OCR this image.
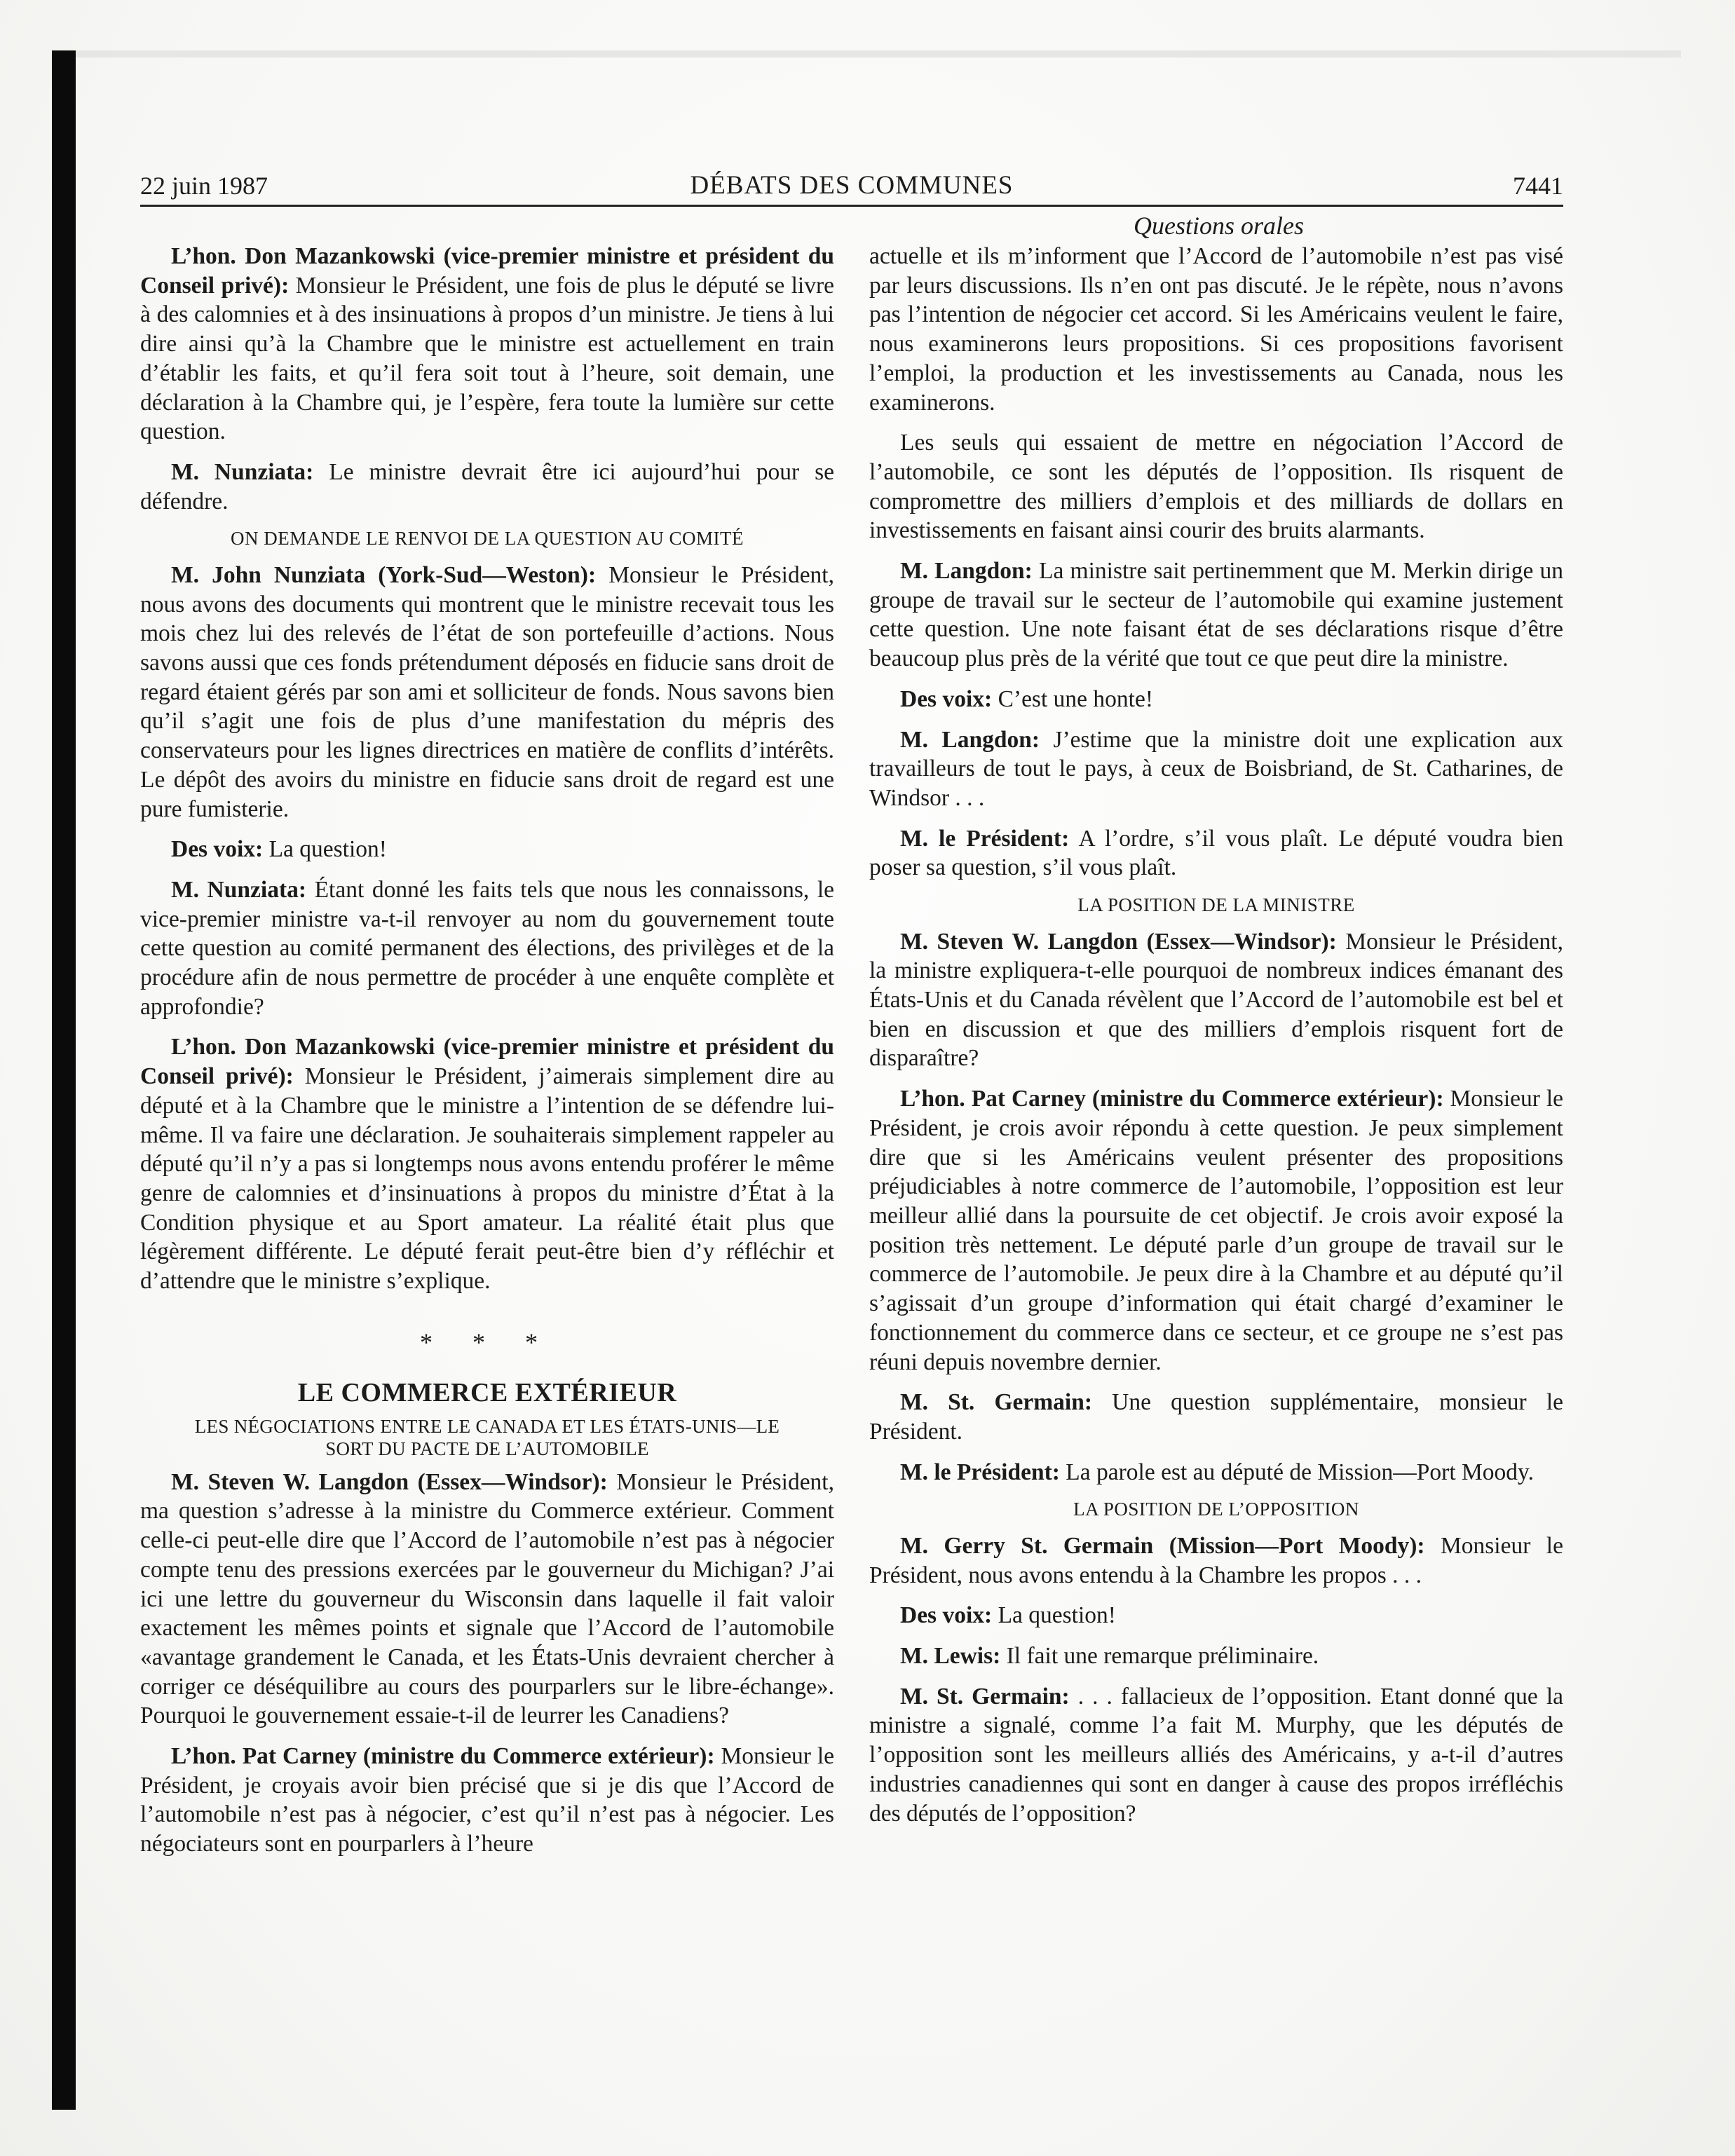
22 juin 1987	DÉBATS DES COMMUNES	7441
Questions orales

L’hon. Don Mazankowski (vice-premier ministre et président du Conseil privé): Monsieur le Président, une fois de plus le député se livre à des calomnies et à des insinuations à propos d’un ministre. Je tiens à lui dire ainsi qu’à la Chambre que le ministre est actuellement en train d’établir les faits, et qu’il fera soit tout à l’heure, soit demain, une déclaration à la Chambre qui, je l’espère, fera toute la lumière sur cette question.

M. Nunziata: Le ministre devrait être ici aujourd’hui pour se défendre.

ON DEMANDE LE RENVOI DE LA QUESTION AU COMITÉ

M. John Nunziata (York-Sud—Weston): Monsieur le Président, nous avons des documents qui montrent que le ministre recevait tous les mois chez lui des relevés de l’état de son portefeuille d’actions. Nous savons aussi que ces fonds prétendument déposés en fiducie sans droit de regard étaient gérés par son ami et solliciteur de fonds. Nous savons bien qu’il s’agit une fois de plus d’une manifestation du mépris des conservateurs pour les lignes directrices en matière de conflits d’intérêts. Le dépôt des avoirs du ministre en fiducie sans droit de regard est une pure fumisterie.

Des voix: La question!

M. Nunziata: Étant donné les faits tels que nous les connaissons, le vice-premier ministre va-t-il renvoyer au nom du gouvernement toute cette question au comité permanent des élections, des privilèges et de la procédure afin de nous permettre de procéder à une enquête complète et approfondie?

L’hon. Don Mazankowski (vice-premier ministre et président du Conseil privé): Monsieur le Président, j’aimerais simplement dire au député et à la Chambre que le ministre a l’intention de se défendre lui-même. Il va faire une déclaration. Je souhaiterais simplement rappeler au député qu’il n’y a pas si longtemps nous avons entendu proférer le même genre de calomnies et d’insinuations à propos du ministre d’État à la Condition physique et au Sport amateur. La réalité était plus que légèrement différente. Le député ferait peut-être bien d’y réfléchir et d’attendre que le ministre s’explique.

* * *
LE COMMERCE EXTÉRIEUR
LES NÉGOCIATIONS ENTRE LE CANADA ET LES ÉTATS-UNIS—LE
SORT DU PACTE DE L’AUTOMOBILE

M. Steven W. Langdon (Essex—Windsor): Monsieur le Président, ma question s’adresse à la ministre du Commerce extérieur. Comment celle-ci peut-elle dire que l’Accord de l’automobile n’est pas à négocier compte tenu des pressions exercées par le gouverneur du Michigan? J’ai ici une lettre du gouverneur du Wisconsin dans laquelle il fait valoir exactement les mêmes points et signale que l’Accord de l’automobile «avantage grandement le Canada, et les États-Unis devraient chercher à corriger ce déséquilibre au cours des pourparlers sur le libre-échange». Pourquoi le gouvernement essaie-t-il de leurrer les Canadiens?

L’hon. Pat Carney (ministre du Commerce extérieur): Monsieur le Président, je croyais avoir bien précisé que si je dis que l’Accord de l’automobile n’est pas à négocier, c’est qu’il n’est pas à négocier. Les négociateurs sont en pourparlers à l’heure

actuelle et ils m’informent que l’Accord de l’automobile n’est pas visé par leurs discussions. Ils n’en ont pas discuté. Je le répète, nous n’avons pas l’intention de négocier cet accord. Si les Américains veulent le faire, nous examinerons leurs propositions. Si ces propositions favorisent l’emploi, la production et les investissements au Canada, nous les examinerons.

Les seuls qui essaient de mettre en négociation l’Accord de l’automobile, ce sont les députés de l’opposition. Ils risquent de compromettre des milliers d’emplois et des milliards de dollars en investissements en faisant ainsi courir des bruits alarmants.

M. Langdon: La ministre sait pertinemment que M. Merkin dirige un groupe de travail sur le secteur de l’automobile qui examine justement cette question. Une note faisant état de ses déclarations risque d’être beaucoup plus près de la vérité que tout ce que peut dire la ministre.

Des voix: C’est une honte!

M. Langdon: J’estime que la ministre doit une explication aux travailleurs de tout le pays, à ceux de Boisbriand, de St. Catharines, de Windsor . . .

M. le Président: A l’ordre, s’il vous plaît. Le député voudra bien poser sa question, s’il vous plaît.

LA POSITION DE LA MINISTRE

M. Steven W. Langdon (Essex—Windsor): Monsieur le Président, la ministre expliquera-t-elle pourquoi de nombreux indices émanant des États-Unis et du Canada révèlent que l’Accord de l’automobile est bel et bien en discussion et que des milliers d’emplois risquent fort de disparaître?

L’hon. Pat Carney (ministre du Commerce extérieur): Monsieur le Président, je crois avoir répondu à cette question. Je peux simplement dire que si les Américains veulent présenter des propositions préjudiciables à notre commerce de l’automobile, l’opposition est leur meilleur allié dans la poursuite de cet objectif. Je crois avoir exposé la position très nettement. Le député parle d’un groupe de travail sur le commerce de l’automobile. Je peux dire à la Chambre et au député qu’il s’agissait d’un groupe d’information qui était chargé d’examiner le fonctionnement du commerce dans ce secteur, et ce groupe ne s’est pas réuni depuis novembre dernier.

M. St. Germain: Une question supplémentaire, monsieur le Président.

M. le Président: La parole est au député de Mission—Port Moody.

LA POSITION DE L’OPPOSITION

M. Gerry St. Germain (Mission—Port Moody): Monsieur le Président, nous avons entendu à la Chambre les propos . . .

Des voix: La question!

M. Lewis: Il fait une remarque préliminaire.

M. St. Germain: . . . fallacieux de l’opposition. Etant donné que la ministre a signalé, comme l’a fait M. Murphy, que les députés de l’opposition sont les meilleurs alliés des Américains, y a-t-il d’autres industries canadiennes qui sont en danger à cause des propos irréfléchis des députés de l’opposition?
